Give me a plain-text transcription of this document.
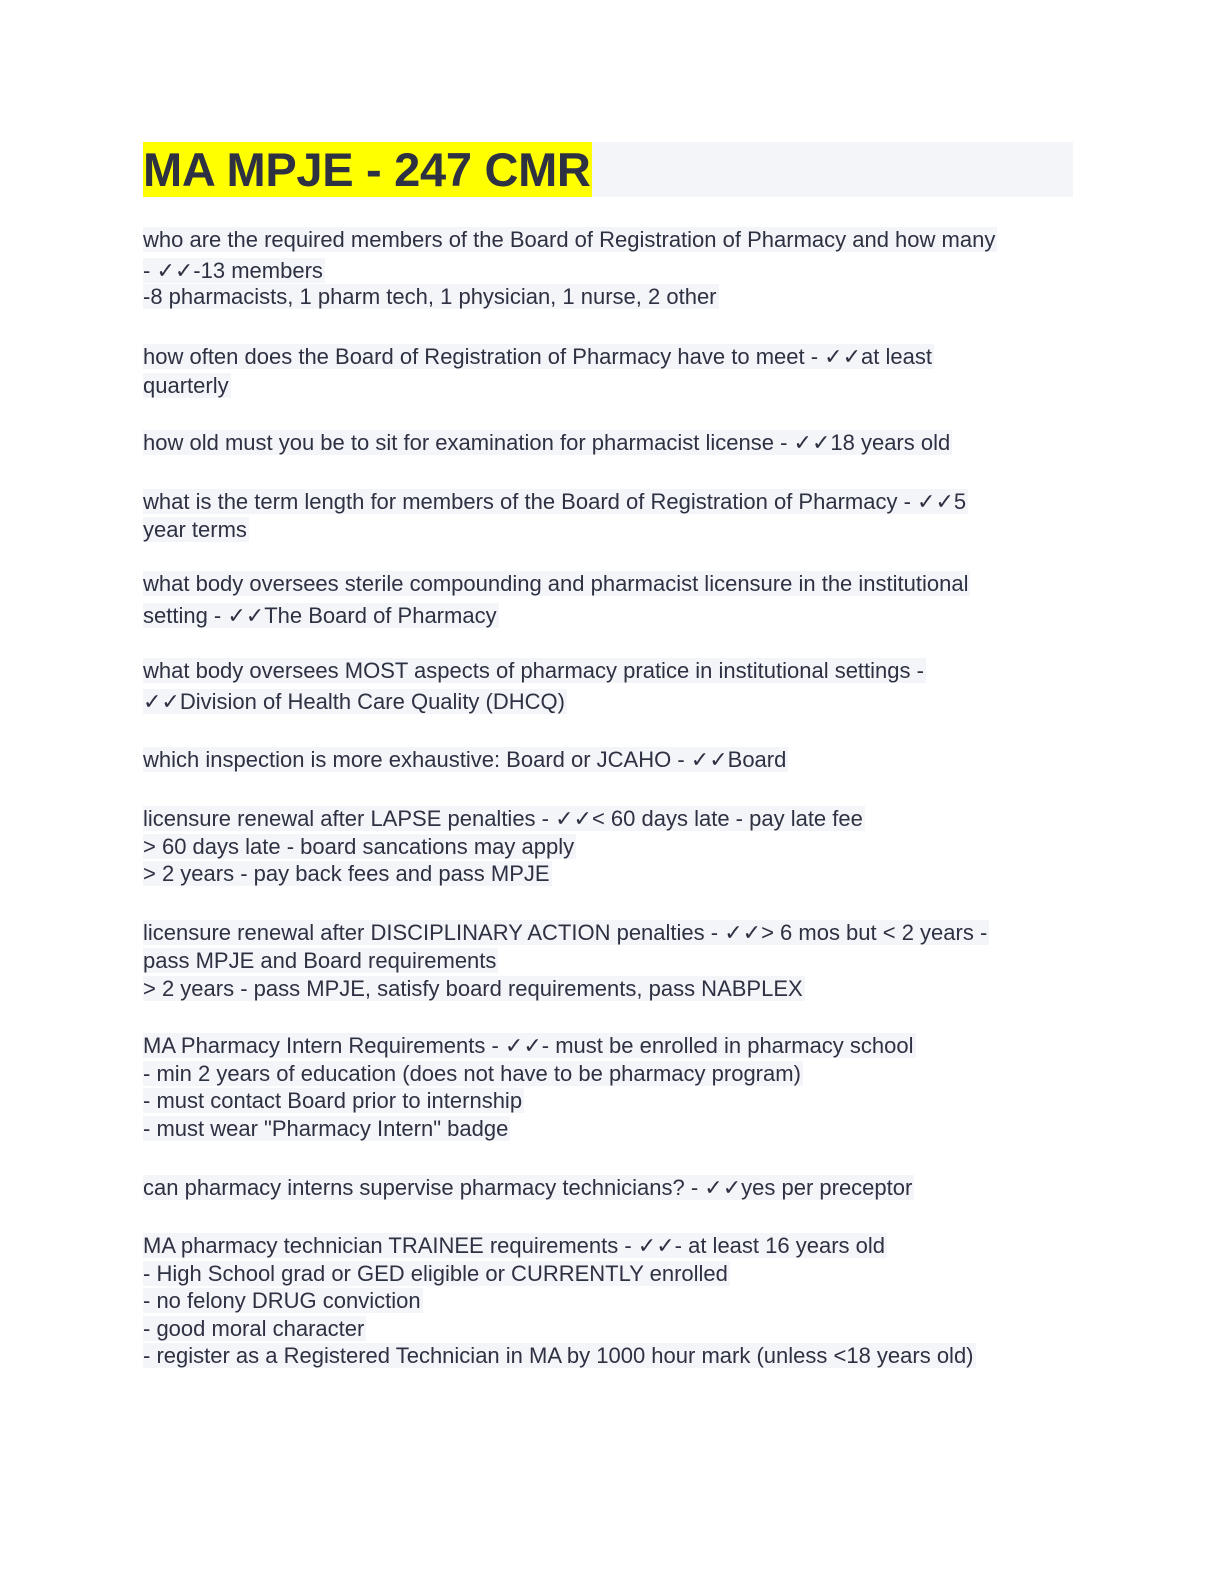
MA MPJE - 247 CMR
who are the required members of the Board of Registration of Pharmacy and how many
- ✓✓-13 members
-8 pharmacists, 1 pharm tech, 1 physician, 1 nurse, 2 other
how often does the Board of Registration of Pharmacy have to meet - ✓✓at least
quarterly
how old must you be to sit for examination for pharmacist license - ✓✓18 years old
what is the term length for members of the Board of Registration of Pharmacy - ✓✓5
year terms
what body oversees sterile compounding and pharmacist licensure in the institutional
setting - ✓✓The Board of Pharmacy
what body oversees MOST aspects of pharmacy pratice in institutional settings -
✓✓Division of Health Care Quality (DHCQ)
which inspection is more exhaustive: Board or JCAHO - ✓✓Board
licensure renewal after LAPSE penalties - ✓✓< 60 days late - pay late fee
> 60 days late - board sancations may apply
> 2 years - pay back fees and pass MPJE
licensure renewal after DISCIPLINARY ACTION penalties - ✓✓> 6 mos but < 2 years -
pass MPJE and Board requirements
> 2 years - pass MPJE, satisfy board requirements, pass NABPLEX
MA Pharmacy Intern Requirements - ✓✓- must be enrolled in pharmacy school
- min 2 years of education (does not have to be pharmacy program)
- must contact Board prior to internship
- must wear "Pharmacy Intern" badge
can pharmacy interns supervise pharmacy technicians? - ✓✓yes per preceptor
MA pharmacy technician TRAINEE requirements - ✓✓- at least 16 years old
- High School grad or GED eligible or CURRENTLY enrolled
- no felony DRUG conviction
- good moral character
- register as a Registered Technician in MA by 1000 hour mark (unless <18 years old)
